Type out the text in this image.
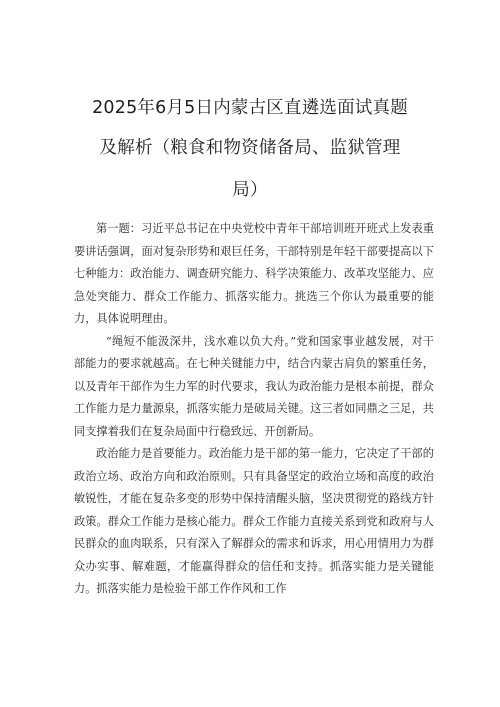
2025年6月5日内蒙古区直遴选面试真题
及解析（粮食和物资储备局、监狱管理
局）

第一题：习近平总书记在中央党校中青年干部培训班开班式上发表重要讲话强调，面对复杂形势和艰巨任务，干部特别是年轻干部要提高以下七种能力：政治能力、调查研究能力、科学决策能力、改革攻坚能力、应急处突能力、群众工作能力、抓落实能力。挑选三个你认为最重要的能力，具体说明理由。

“绳短不能汲深井，浅水难以负大舟。”党和国家事业越发展，对干部能力的要求就越高。在七种关键能力中，结合内蒙古肩负的繁重任务，以及青年干部作为生力军的时代要求，我认为政治能力是根本前提，群众工作能力是力量源泉，抓落实能力是破局关键。这三者如同鼎之三足，共同支撑着我们在复杂局面中行稳致远、开创新局。

政治能力是首要能力。政治能力是干部的第一能力，它决定了干部的政治立场、政治方向和政治原则。只有具备坚定的政治立场和高度的政治敏锐性，才能在复杂多变的形势中保持清醒头脑，坚决贯彻党的路线方针政策。群众工作能力是核心能力。群众工作能力直接关系到党和政府与人民群众的血肉联系，只有深入了解群众的需求和诉求，用心用情用力为群众办实事、解难题，才能赢得群众的信任和支持。抓落实能力是关键能力。抓落实能力是检验干部工作作风和工作
